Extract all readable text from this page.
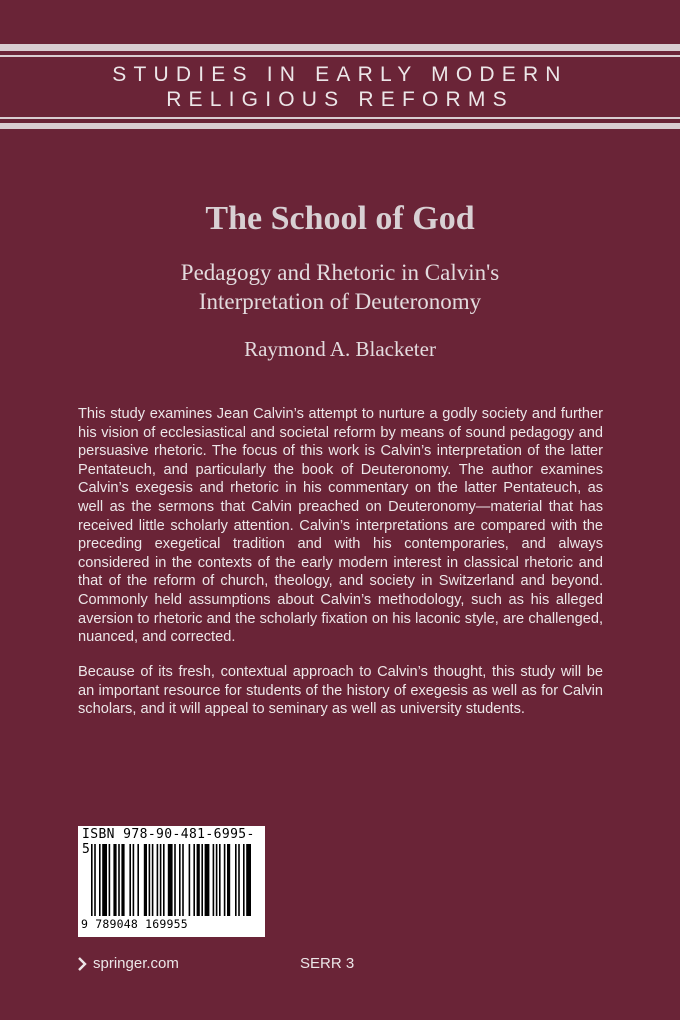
STUDIES IN EARLY MODERN
RELIGIOUS REFORMS
The School of God
Pedagogy and Rhetoric in Calvin's
Interpretation of Deuteronomy
Raymond A. Blacketer
This study examines Jean Calvin’s attempt to nurture a godly society and further his vision of ecclesiastical and societal reform by means of sound pedagogy and persuasive rhetoric. The focus of this work is Calvin’s interpretation of the latter Pentateuch, and particularly the book of Deuteronomy. The author examines Calvin’s exegesis and rhetoric in his commentary on the latter Pentateuch, as well as the sermons that Calvin preached on Deuteronomy—material that has received little scholarly attention. Calvin’s interpretations are compared with the preceding exegetical tradition and with his contemporaries, and always considered in the contexts of the early modern interest in classical rhetoric and that of the reform of church, theology, and society in Switzerland and beyond. Commonly held assumptions about Calvin’s methodology, such as his alleged aversion to rhetoric and the scholarly fixation on his laconic style, are challenged, nuanced, and corrected.
Because of its fresh, contextual approach to Calvin’s thought, this study will be an important resource for students of the history of exegesis as well as for Calvin scholars, and it will appeal to seminary as well as university students.
ISBN 978-90-481-6995-5
9 789048 169955
springer.com	SERR 3
